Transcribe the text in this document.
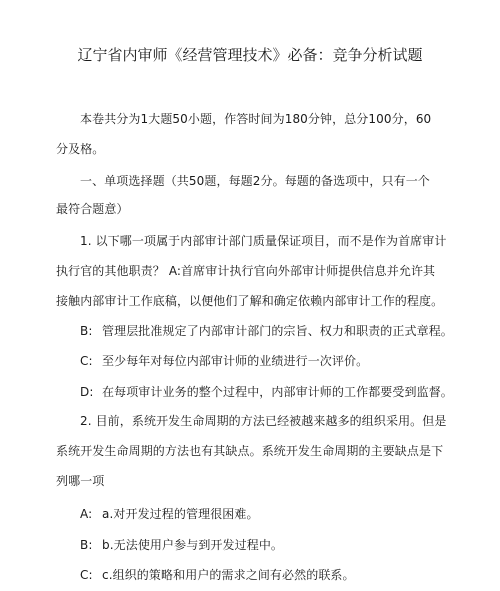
辽宁省内审师《经营管理技术》必备：竞争分析试题
本卷共分为1大题50小题，作答时间为180分钟，总分100分，60
分及格。
一、单项选择题（共50题，每题2分。每题的备选项中，只有一个
最符合题意）
1. 以下哪一项属于内部审计部门质量保证项目，而不是作为首席审计
执行官的其他职责？ A:首席审计执行官向外部审计师提供信息并允许其
接触内部审计工作底稿，以便他们了解和确定依赖内部审计工作的程度。
B: 管理层批准规定了内部审计部门的宗旨、权力和职责的正式章程。
C: 至少每年对每位内部审计师的业绩进行一次评价。
D: 在每项审计业务的整个过程中，内部审计师的工作都要受到监督。
2. 目前，系统开发生命周期的方法已经被越来越多的组织采用。但是
系统开发生命周期的方法也有其缺点。系统开发生命周期的主要缺点是下
列哪一项
A: a.对开发过程的管理很困难。
B: b.无法使用户参与到开发过程中。
C: c.组织的策略和用户的需求之间有必然的联系。
